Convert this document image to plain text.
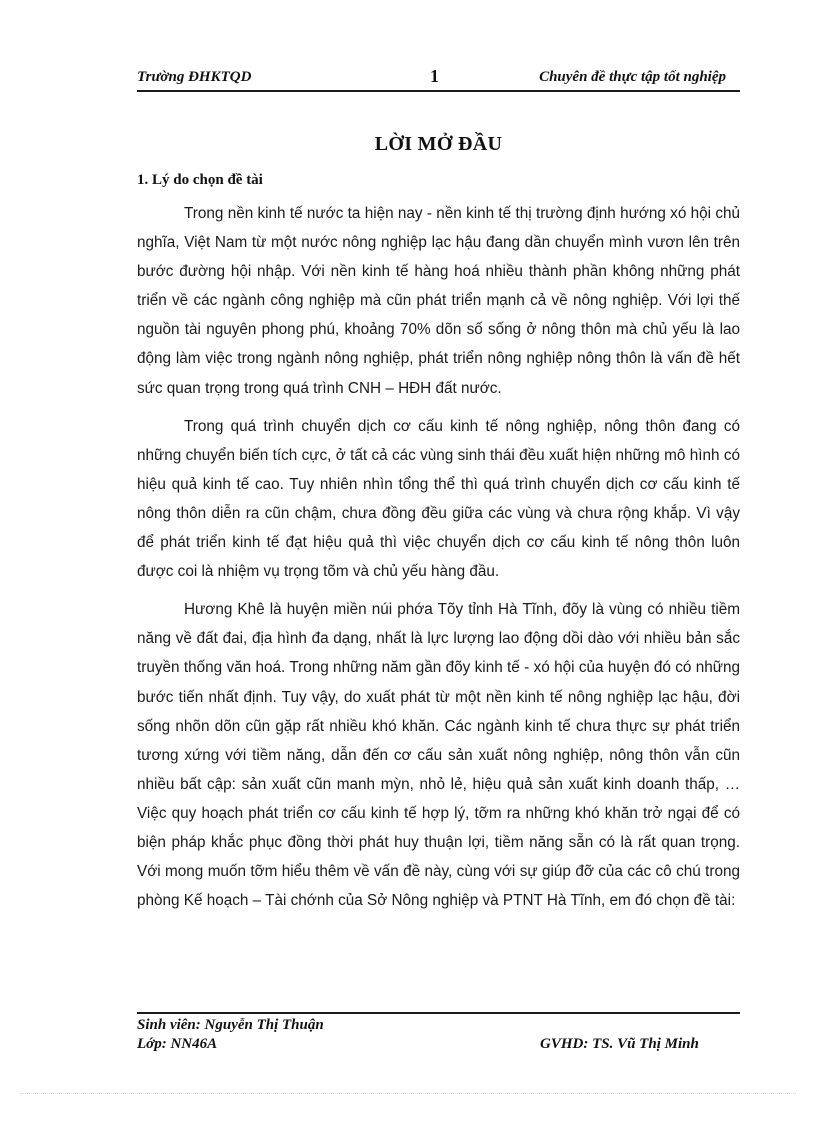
Trường ĐHKTQD	1	Chuyên đề thực tập tốt nghiệp
LỜI MỞ ĐẦU
1. Lý do chọn đề tài

Trong nền kinh tế nước ta hiện nay - nền kinh tế thị trường định hướng xó hội chủ nghĩa, Việt Nam từ một nước nông nghiệp lạc hậu đang dần chuyển mình vươn lên trên bước đường hội nhập. Với nền kinh tế hàng hoá nhiều thành phần không những phát triển về các ngành công nghiệp mà cũn phát triển mạnh cả về nông nghiệp. Với lợi thế nguồn tài nguyên phong phú, khoảng 70% dõn số sống ở nông thôn mà chủ yếu là lao động làm việc trong ngành nông nghiệp, phát triển nông nghiệp nông thôn là vấn đề hết sức quan trọng trong quá trình CNH – HĐH đất nước.

Trong quá trình chuyển dịch cơ cấu kinh tế nông nghiệp, nông thôn đang có những chuyển biến tích cực, ở tất cả các vùng sinh thái đều xuất hiện những mô hình có hiệu quả kinh tế cao. Tuy nhiên nhìn tổng thể thì quá trình chuyển dịch cơ cấu kinh tế nông thôn diễn ra cũn chậm, chưa đồng đều giữa các vùng và chưa rộng khắp. Vì vậy để phát triển kinh tế đạt hiệu quả thì việc chuyển dịch cơ cấu kinh tế nông thôn luôn được coi là nhiệm vụ trọng tõm và chủ yếu hàng đầu.

Hương Khê là huyện miền núi phớa Tõy tỉnh Hà Tĩnh, đõy là vùng có nhiều tiềm năng về đất đai, địa hình đa dạng, nhất là lực lượng lao động dồi dào với nhiều bản sắc truyền thống văn hoá. Trong những năm gần đõy kinh tế - xó hội của huyện đó có những bước tiến nhất định. Tuy vậy, do xuất phát từ một nền kinh tế nông nghiệp lạc hậu, đời sống nhõn dõn cũn gặp rất nhiều khó khăn. Các ngành kinh tế chưa thực sự phát triển tương xứng với tiềm năng, dẫn đến cơ cấu sản xuất nông nghiệp, nông thôn vẫn cũn nhiều bất cập: sản xuất cũn manh mỳn, nhỏ lẻ, hiệu quả sản xuất kinh doanh thấp, … Việc quy hoạch phát triển cơ cấu kinh tế hợp lý, tỡm ra những khó khăn trở ngại để có biện pháp khắc phục đồng thời phát huy thuận lợi, tiềm năng sẵn có là rất quan trọng. Với mong muốn tỡm hiểu thêm về vấn đề này, cùng với sự giúp đỡ của các cô chú trong phòng Kế hoạch – Tài chớnh của Sở Nông nghiệp và PTNT Hà Tĩnh, em đó chọn đề tài:

Sinh viên: Nguyễn Thị Thuận
Lớp: NN46A	GVHD: TS. Vũ Thị Minh
